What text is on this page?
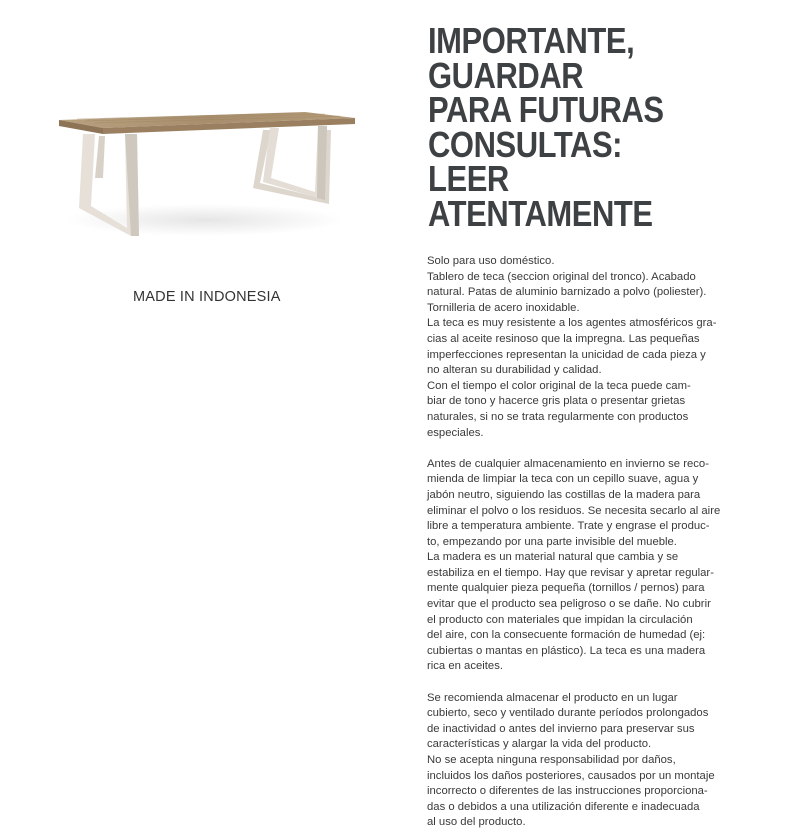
MADE IN INDONESIA
IMPORTANTE,
GUARDAR
PARA FUTURAS
CONSULTAS:
LEER
ATENTAMENTE
Solo para uso doméstico.
Tablero de teca (seccion original del tronco). Acabado
natural. Patas de aluminio barnizado a polvo (poliester).
Tornilleria de acero inoxidable.
La teca es muy resistente a los agentes atmosféricos gra-
cias al aceite resinoso que la impregna. Las pequeñas
imperfecciones representan la unicidad de cada pieza y
no alteran su durabilidad y calidad.
Con el tiempo el color original de la teca puede cam-
biar de tono y hacerce gris plata o presentar grietas
naturales, si no se trata regularmente con productos
especiales.
Antes de cualquier almacenamiento en invierno se reco-
mienda de limpiar la teca con un cepillo suave, agua y
jabón neutro, siguiendo las costillas de la madera para
eliminar el polvo o los residuos. Se necesita secarlo al aire
libre a temperatura ambiente. Trate y engrase el produc-
to, empezando por una parte invisible del mueble.
La madera es un material natural que cambia y se
estabiliza en el tiempo. Hay que revisar y apretar regular-
mente qualquier pieza pequeña (tornillos / pernos) para
evitar que el producto sea peligroso o se dañe. No cubrir
el producto con materiales que impidan la circulación
del aire, con la consecuente formación de humedad (ej:
cubiertas o mantas en plástico). La teca es una madera
rica en aceites.
Se recomienda almacenar el producto en un lugar
cubierto, seco y ventilado durante períodos prolongados
de inactividad o antes del invierno para preservar sus
características y alargar la vida del producto.
No se acepta ninguna responsabilidad por daños,
incluidos los daños posteriores, causados por un montaje
incorrecto o diferentes de las instrucciones proporciona-
das o debidos a una utilización diferente e inadecuada
al uso del producto.
